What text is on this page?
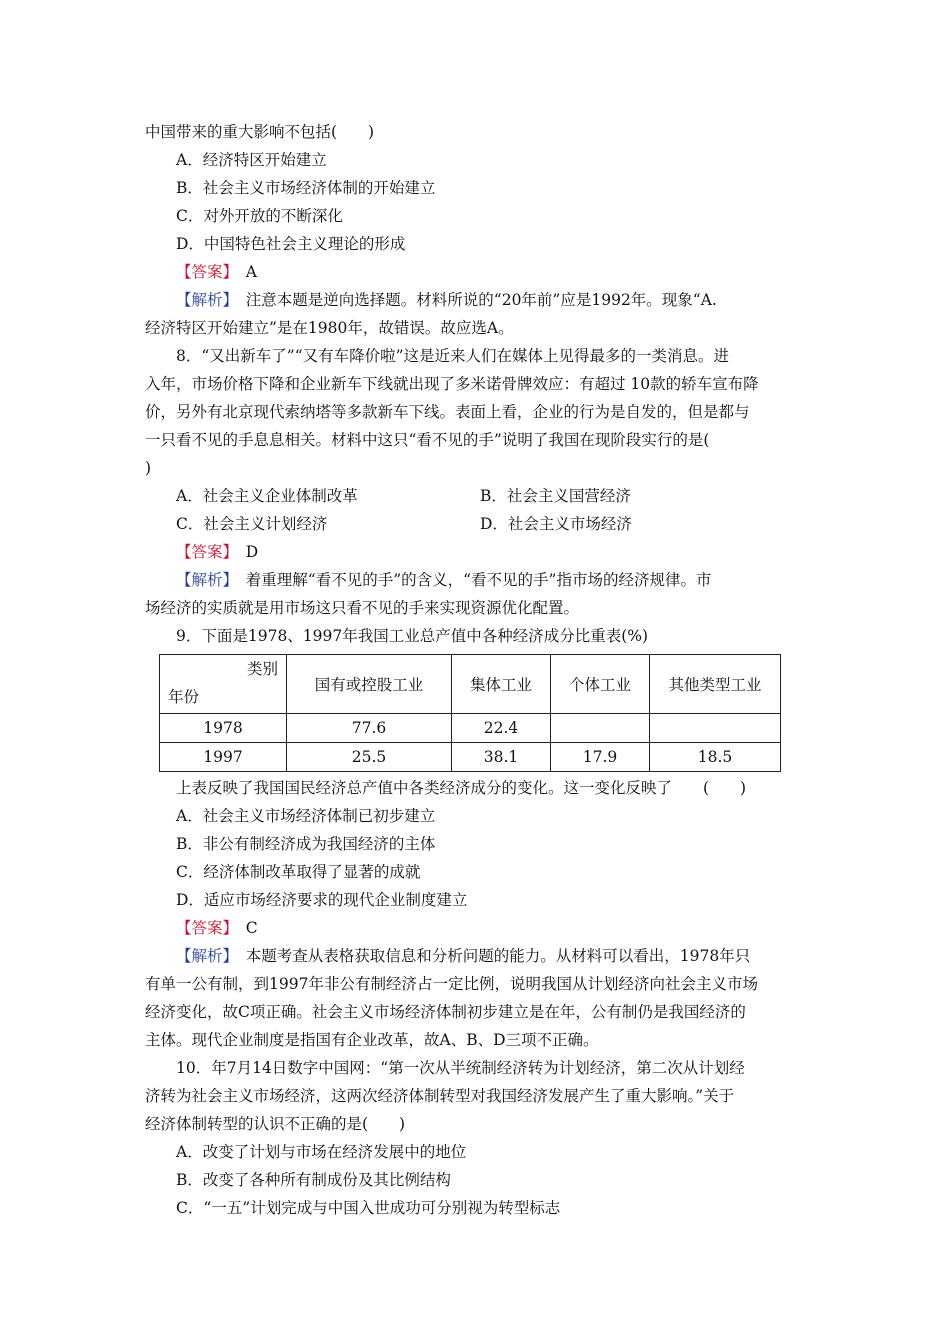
中国带来的重大影响不包括(　　)
A．经济特区开始建立
B．社会主义市场经济体制的开始建立
C．对外开放的不断深化
D．中国特色社会主义理论的形成
【答案】　 A
【解析】　 注意本题是逆向选择题。材料所说的“20年前”应是1992年。现象“A.
经济特区开始建立”是在1980年，故错误。故应选A。
8．“又出新车了”“又有车降价啦”这是近来人们在媒体上见得最多的一类消息。进
入年，市场价格下降和企业新车下线就出现了多米诺骨牌效应：有超过 10款的轿车宣布降
价，另外有北京现代索纳塔等多款新车下线。表面上看，企业的行为是自发的，但是都与
一只看不见的手息息相关。材料中这只“看不见的手”说明了我国在现阶段实行的是(
)
A．社会主义企业体制改革	B．社会主义国营经济
C．社会主义计划经济	D．社会主义市场经济
【答案】　 D
【解析】　 着重理解“看不见的手”的含义，“看不见的手”指市场的经济规律。市
场经济的实质就是用市场这只看不见的手来实现资源优化配置。
9．下面是1978、1997年我国工业总产值中各种经济成分比重表(%)
类别
年份	国有或控股工业	集体工业	个体工业	其他类型工业
1978	77.6	22.4		
1997	25.5	38.1	17.9	18.5
上表反映了我国国民经济总产值中各类经济成分的变化。这一变化反映了　　(　　)
A．社会主义市场经济体制已初步建立
B．非公有制经济成为我国经济的主体
C．经济体制改革取得了显著的成就
D．适应市场经济要求的现代企业制度建立
【答案】　 C
【解析】　 本题考查从表格获取信息和分析问题的能力。从材料可以看出，1978年只
有单一公有制，到1997年非公有制经济占一定比例，说明我国从计划经济向社会主义市场
经济变化，故C项正确。社会主义市场经济体制初步建立是在年，公有制仍是我国经济的
主体。现代企业制度是指国有企业改革，故A、B、D三项不正确。
10．年7月14日数字中国网：“第一次从半统制经济转为计划经济，第二次从计划经
济转为社会主义市场经济，这两次经济体制转型对我国经济发展产生了重大影响。”关于
经济体制转型的认识不正确的是(　　)
A．改变了计划与市场在经济发展中的地位
B．改变了各种所有制成份及其比例结构
C．“一五”计划完成与中国入世成功可分别视为转型标志
